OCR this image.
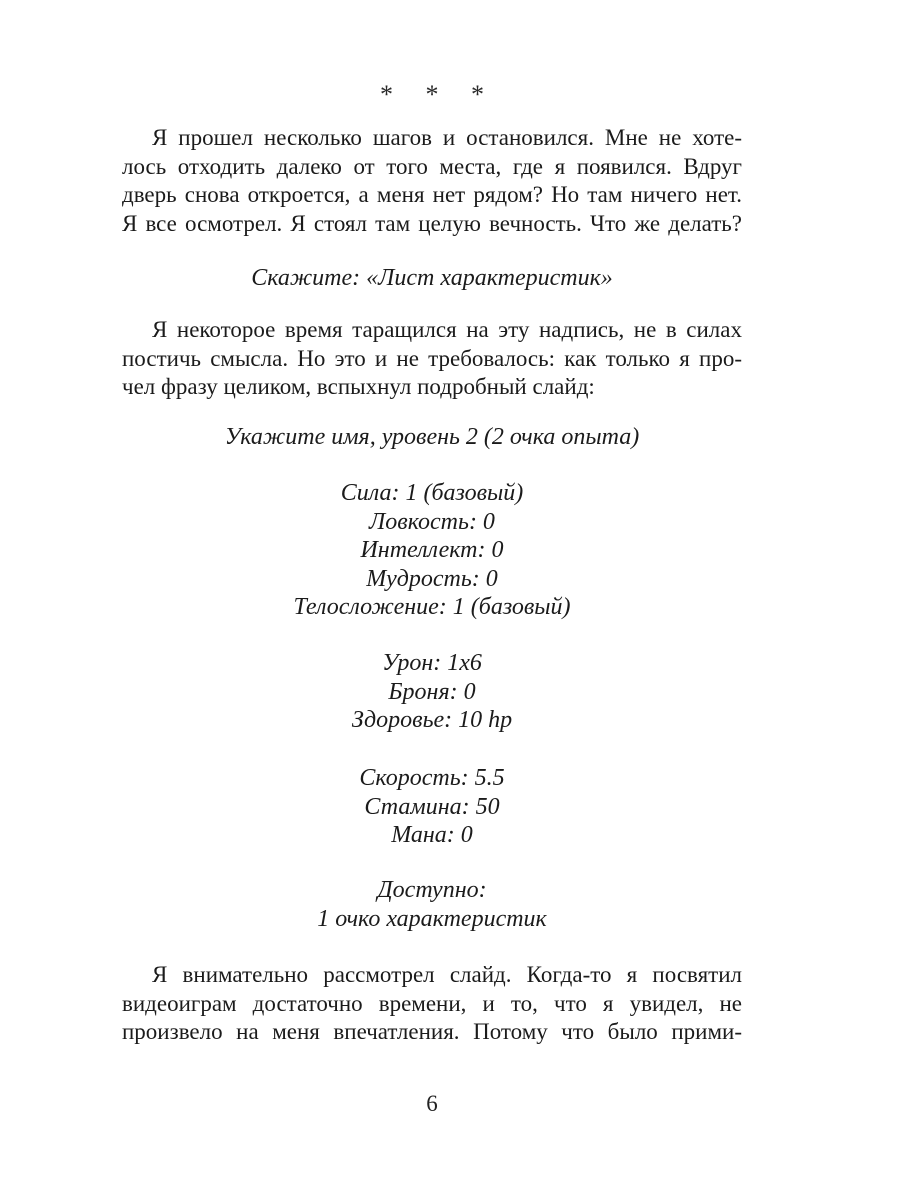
* * *
Я прошел несколько шагов и остановился. Мне не хоте-
лось отходить далеко от того места, где я появился. Вдруг
дверь снова откроется, а меня нет рядом? Но там ничего нет.
Я все осмотрел. Я стоял там целую вечность. Что же делать?
Скажите: «Лист характеристик»
Я некоторое время таращился на эту надпись, не в силах
постичь смысла. Но это и не требовалось: как только я про-
чел фразу целиком, вспыхнул подробный слайд:
Укажите имя, уровень 2 (2 очка опыта)
Сила: 1 (базовый)
Ловкость: 0
Интеллект: 0
Мудрость: 0
Телосложение: 1 (базовый)
Урон: 1x6
Броня: 0
Здоровье: 10 hp
Скорость: 5.5
Стамина: 50
Мана: 0
Доступно:
1 очко характеристик
Я внимательно рассмотрел слайд. Когда-то я посвятил
видеоиграм достаточно времени, и то, что я увидел, не
произвело на меня впечатления. Потому что было прими-
6
